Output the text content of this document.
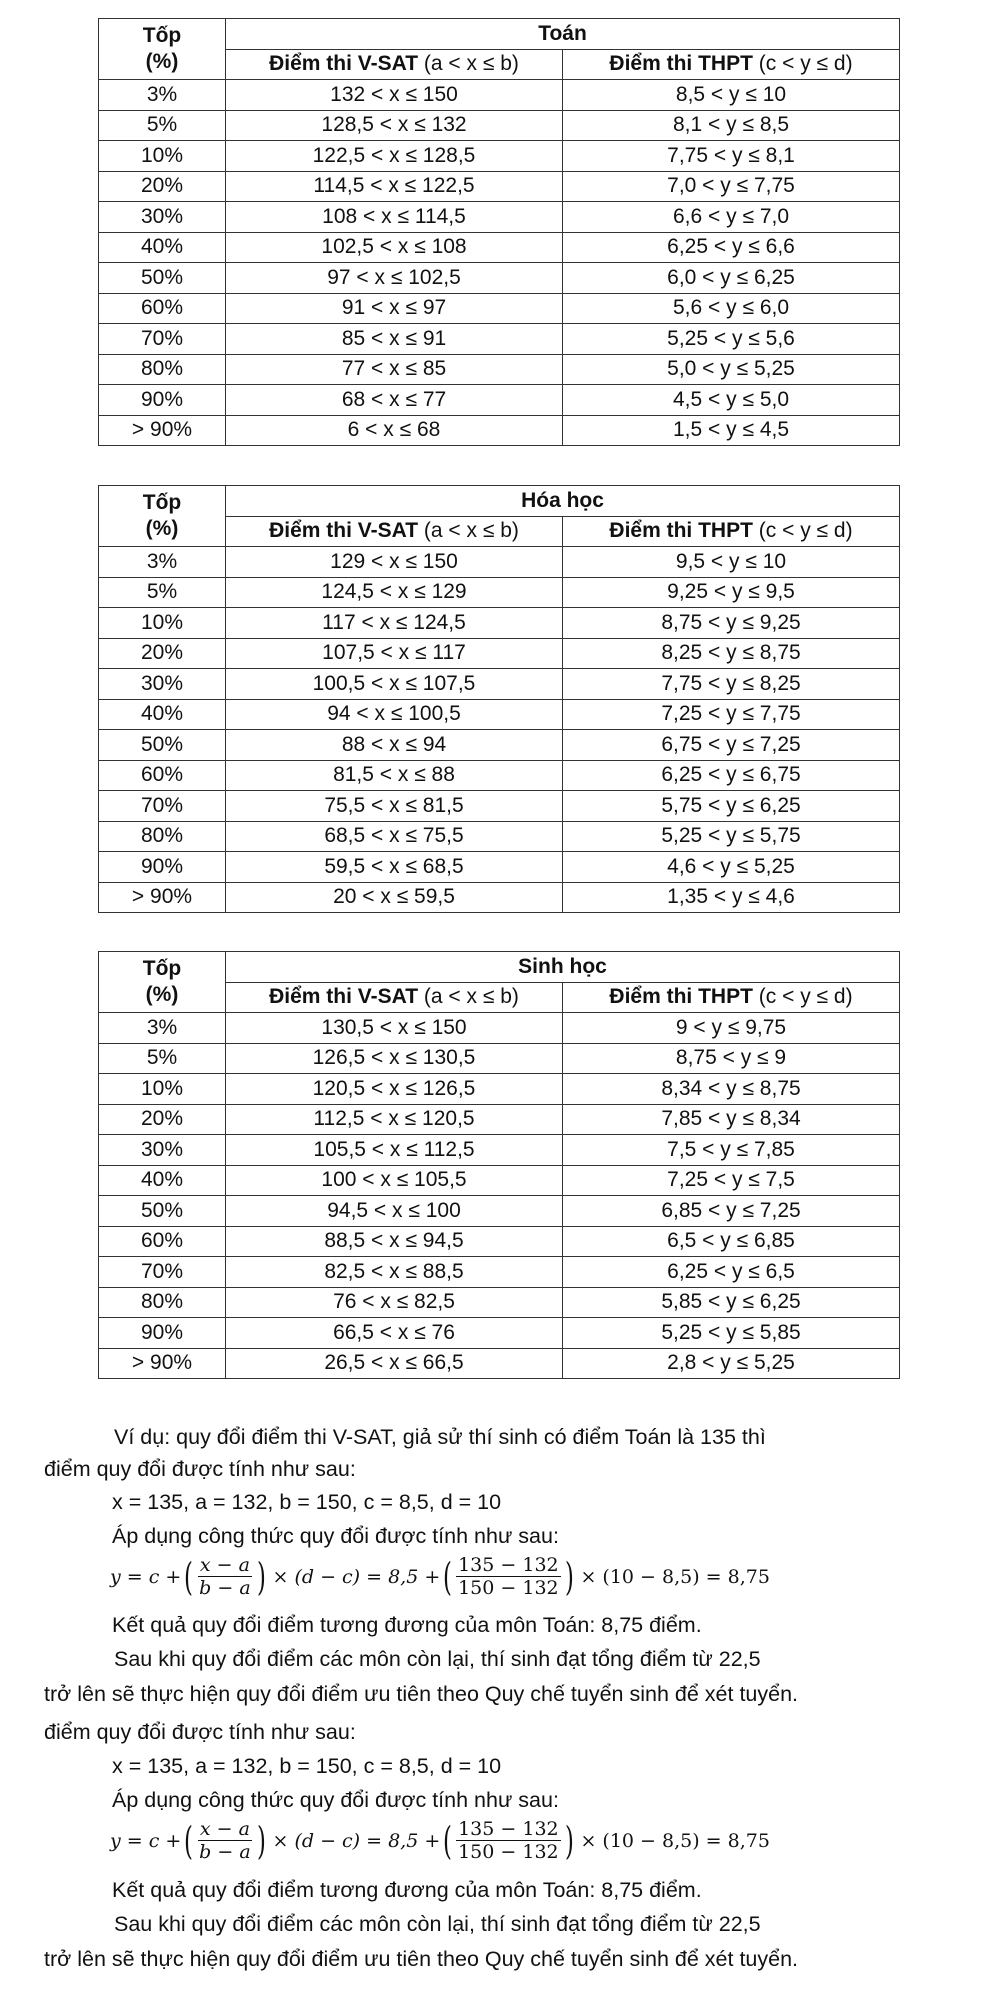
Tốp
(%)	Toán	
	Điểm thi V-SAT (a < x ≤ b)	Điểm thi THPT (c < y ≤ d)
3%	132 < x ≤ 150	8,5 < y ≤ 10
5%	128,5 < x ≤ 132	8,1 < y ≤ 8,5
10%	122,5 < x ≤ 128,5	7,75 < y ≤ 8,1
20%	114,5 < x ≤ 122,5	7,0 < y ≤ 7,75
30%	108 < x ≤ 114,5	6,6 < y ≤ 7,0
40%	102,5 < x ≤ 108	6,25 < y ≤ 6,6
50%	97 < x ≤ 102,5	6,0 < y ≤ 6,25
60%	91 < x ≤ 97	5,6 < y ≤ 6,0
70%	85 < x ≤ 91	5,25 < y ≤ 5,6
80%	77 < x ≤ 85	5,0 < y ≤ 5,25
90%	68 < x ≤ 77	4,5 < y ≤ 5,0
> 90%	6 < x ≤ 68	1,5 < y ≤ 4,5
Tốp
(%)	Hóa học	
	Điểm thi V-SAT (a < x ≤ b)	Điểm thi THPT (c < y ≤ d)
3%	129 < x ≤ 150	9,5 < y ≤ 10
5%	124,5 < x ≤ 129	9,25 < y ≤ 9,5
10%	117 < x ≤ 124,5	8,75 < y ≤ 9,25
20%	107,5 < x ≤ 117	8,25 < y ≤ 8,75
30%	100,5 < x ≤ 107,5	7,75 < y ≤ 8,25
40%	94 < x ≤ 100,5	7,25 < y ≤ 7,75
50%	88 < x ≤ 94	6,75 < y ≤ 7,25
60%	81,5 < x ≤ 88	6,25 < y ≤ 6,75
70%	75,5 < x ≤ 81,5	5,75 < y ≤ 6,25
80%	68,5 < x ≤ 75,5	5,25 < y ≤ 5,75
90%	59,5 < x ≤ 68,5	4,6 < y ≤ 5,25
> 90%	20 < x ≤ 59,5	1,35 < y ≤ 4,6
Tốp
(%)	Sinh học	
	Điểm thi V-SAT (a < x ≤ b)	Điểm thi THPT (c < y ≤ d)
3%	130,5 < x ≤ 150	9 < y ≤ 9,75
5%	126,5 < x ≤ 130,5	8,75 < y ≤ 9
10%	120,5 < x ≤ 126,5	8,34 < y ≤ 8,75
20%	112,5 < x ≤ 120,5	7,85 < y ≤ 8,34
30%	105,5 < x ≤ 112,5	7,5 < y ≤ 7,85
40%	100 < x ≤ 105,5	7,25 < y ≤ 7,5
50%	94,5 < x ≤ 100	6,85 < y ≤ 7,25
60%	88,5 < x ≤ 94,5	6,5 < y ≤ 6,85
70%	82,5 < x ≤ 88,5	6,25 < y ≤ 6,5
80%	76 < x ≤ 82,5	5,85 < y ≤ 6,25
90%	66,5 < x ≤ 76	5,25 < y ≤ 5,85
> 90%	26,5 < x ≤ 66,5	2,8 < y ≤ 5,25
Ví dụ: quy đổi điểm thi V-SAT, giả sử thí sinh có điểm Toán là 135 thì
điểm quy đổi được tính như sau:
x = 135, a = 132, b = 150, c = 8,5, d = 10
Áp dụng công thức quy đổi được tính như sau:
y = c + ( $\frac{x - a}{b - a}$ ) × (d − c) = 8,5 + ( $\frac{135 - 132}{150 - 132}$ ) × (10 − 8,5) = 8,75
Kết quả quy đổi điểm tương đương của môn Toán: 8,75 điểm.
Sau khi quy đổi điểm các môn còn lại, thí sinh đạt tổng điểm từ 22,5
trở lên sẽ thực hiện quy đổi điểm ưu tiên theo Quy chế tuyển sinh để xét tuyển.
điểm quy đổi được tính như sau:
x = 135, a = 132, b = 150, c = 8,5, d = 10
Áp dụng công thức quy đổi được tính như sau:
y = c + ( $\frac{x - a}{b - a}$ ) × (d − c) = 8,5 + ( $\frac{135 - 132}{150 - 132}$ ) × (10 − 8,5) = 8,75
Kết quả quy đổi điểm tương đương của môn Toán: 8,75 điểm.
Sau khi quy đổi điểm các môn còn lại, thí sinh đạt tổng điểm từ 22,5
trở lên sẽ thực hiện quy đổi điểm ưu tiên theo Quy chế tuyển sinh để xét tuyển.
